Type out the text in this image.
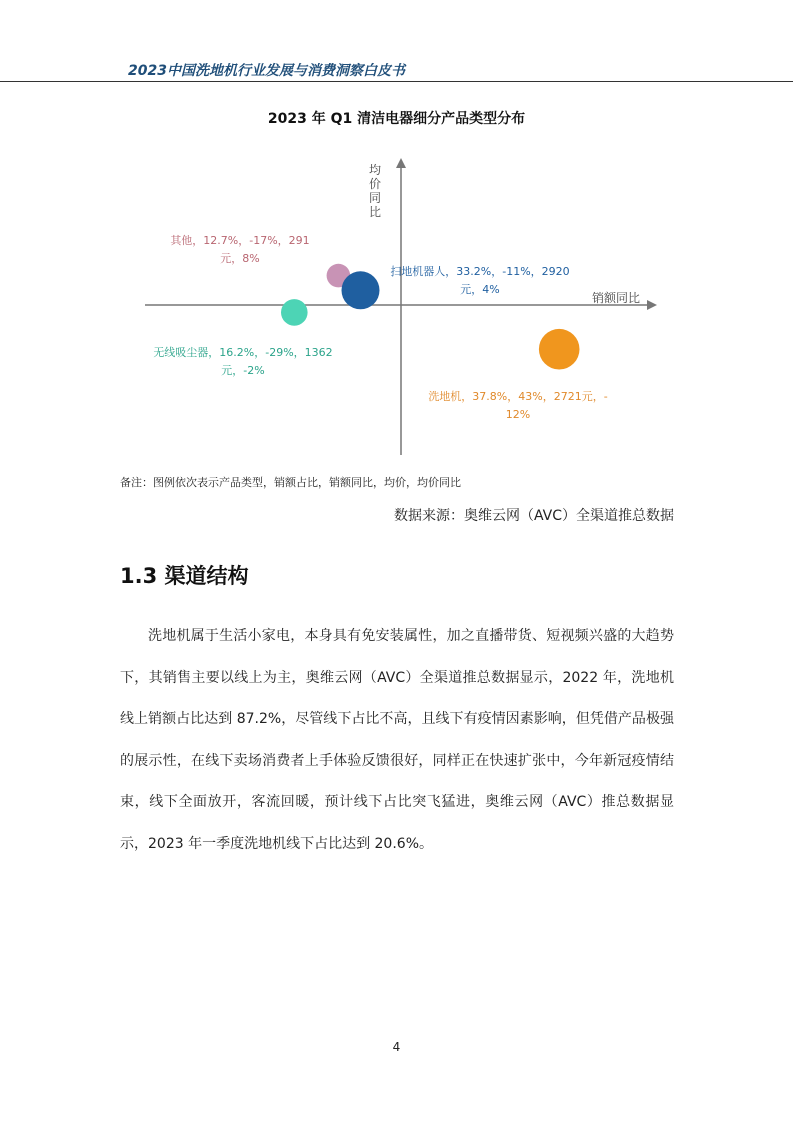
2023中国洗地机行业发展与消费洞察白皮书
2023 年 Q1 清洁电器细分产品类型分布
销额同比
均价同比
其他，12.7%，-17%，291
元，8%
扫地机器人，33.2%，-11%，2920
元，4%
无线吸尘器，16.2%，-29%，1362
元，-2%
洗地机，37.8%，43%，2721元，-
12%
备注：图例依次表示产品类型，销额占比，销额同比，均价，均价同比
数据来源：奥维云网（AVC）全渠道推总数据
1.3 渠道结构

洗地机属于生活小家电，本身具有免安装属性，加之直播带货、短视频兴盛的大趋势下，其销售主要以线上为主，奥维云网（AVC）全渠道推总数据显示，2022 年，洗地机线上销额占比达到 87.2%，尽管线下占比不高，且线下有疫情因素影响，但凭借产品极强的展示性，在线下卖场消费者上手体验反馈很好，同样正在快速扩张中，今年新冠疫情结束，线下全面放开，客流回暖，预计线下占比突飞猛进，奥维云网（AVC）推总数据显示，2023 年一季度洗地机线下占比达到 20.6%。

4
